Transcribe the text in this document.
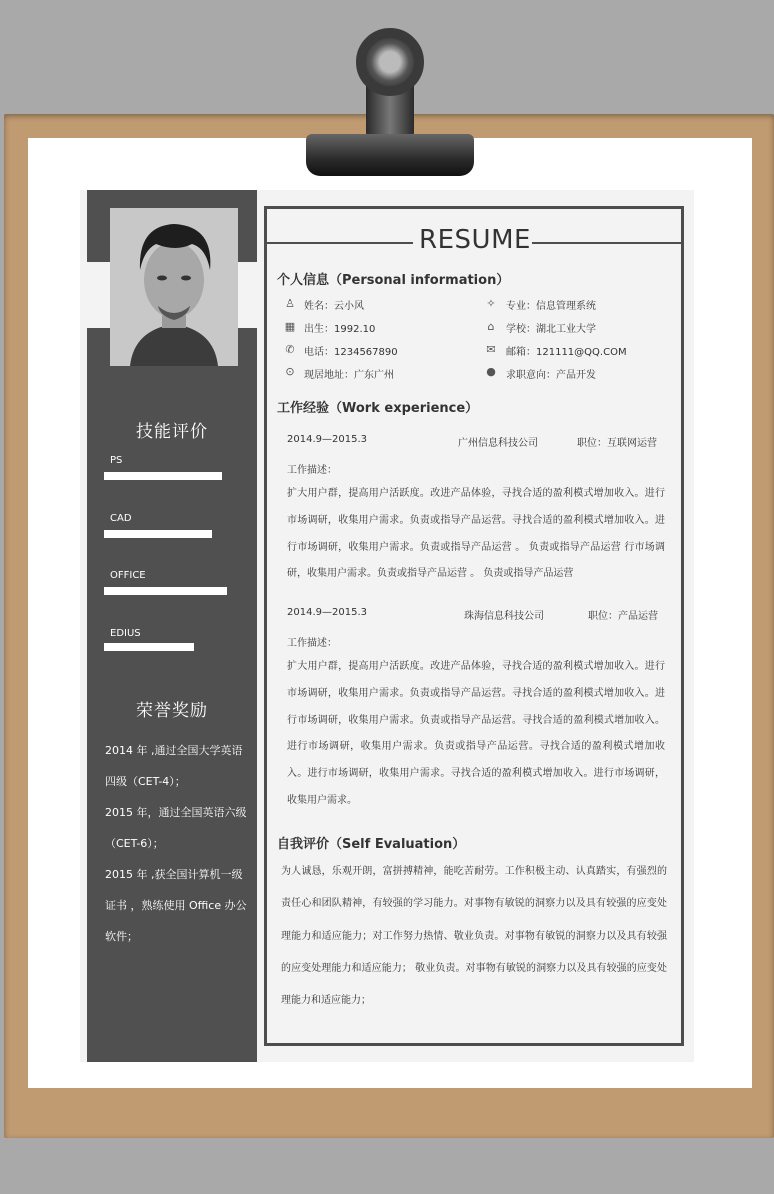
技能评价
PS
CAD
OFFICE
EDIUS
荣誉奖励
2014 年 ,通过全国大学英语四级（CET-4）；
2015 年，通过全国英语六级（CET-6）；
2015 年 ,获全国计算机一级证书 ，熟练使用 Office 办公软件；
RESUME
个人信息（Personal information）
♙ 姓名：云小风	✧ 专业：信息管理系统
▦ 出生：1992.10	⌂ 学校：湖北工业大学
✆ 电话：1234567890	✉ 邮箱：121111@QQ.COM
⊙ 现居地址：广东广州	● 求职意向：产品开发
工作经验（Work experience）
2014.9—2015.3	广州信息科技公司	职位：互联网运营
工作描述：
扩大用户群，提高用户活跃度。改进产品体验，寻找合适的盈利模式增加收入。进行市场调研，收集用户需求。负责或指导产品运营。寻找合适的盈利模式增加收入。进行市场调研，收集用户需求。负责或指导产品运营 。 负责或指导产品运营 行市场调研，收集用户需求。负责或指导产品运营 。 负责或指导产品运营
2014.9—2015.3	珠海信息科技公司	职位：产品运营
工作描述：
扩大用户群，提高用户活跃度。改进产品体验，寻找合适的盈利模式增加收入。进行市场调研，收集用户需求。负责或指导产品运营。寻找合适的盈利模式增加收入。进行市场调研，收集用户需求。负责或指导产品运营。寻找合适的盈利模式增加收入。进行市场调研，收集用户需求。负责或指导产品运营。寻找合适的盈利模式增加收入。进行市场调研，收集用户需求。寻找合适的盈利模式增加收入。进行市场调研，收集用户需求。
自我评价（Self Evaluation）
为人诚恳，乐观开朗，富拼搏精神，能吃苦耐劳。工作积极主动、认真踏实，有强烈的责任心和团队精神，有较强的学习能力。对事物有敏锐的洞察力以及具有较强的应变处理能力和适应能力；对工作努力热情、敬业负责。对事物有敏锐的洞察力以及具有较强的应变处理能力和适应能力； 敬业负责。对事物有敏锐的洞察力以及具有较强的应变处理能力和适应能力；
